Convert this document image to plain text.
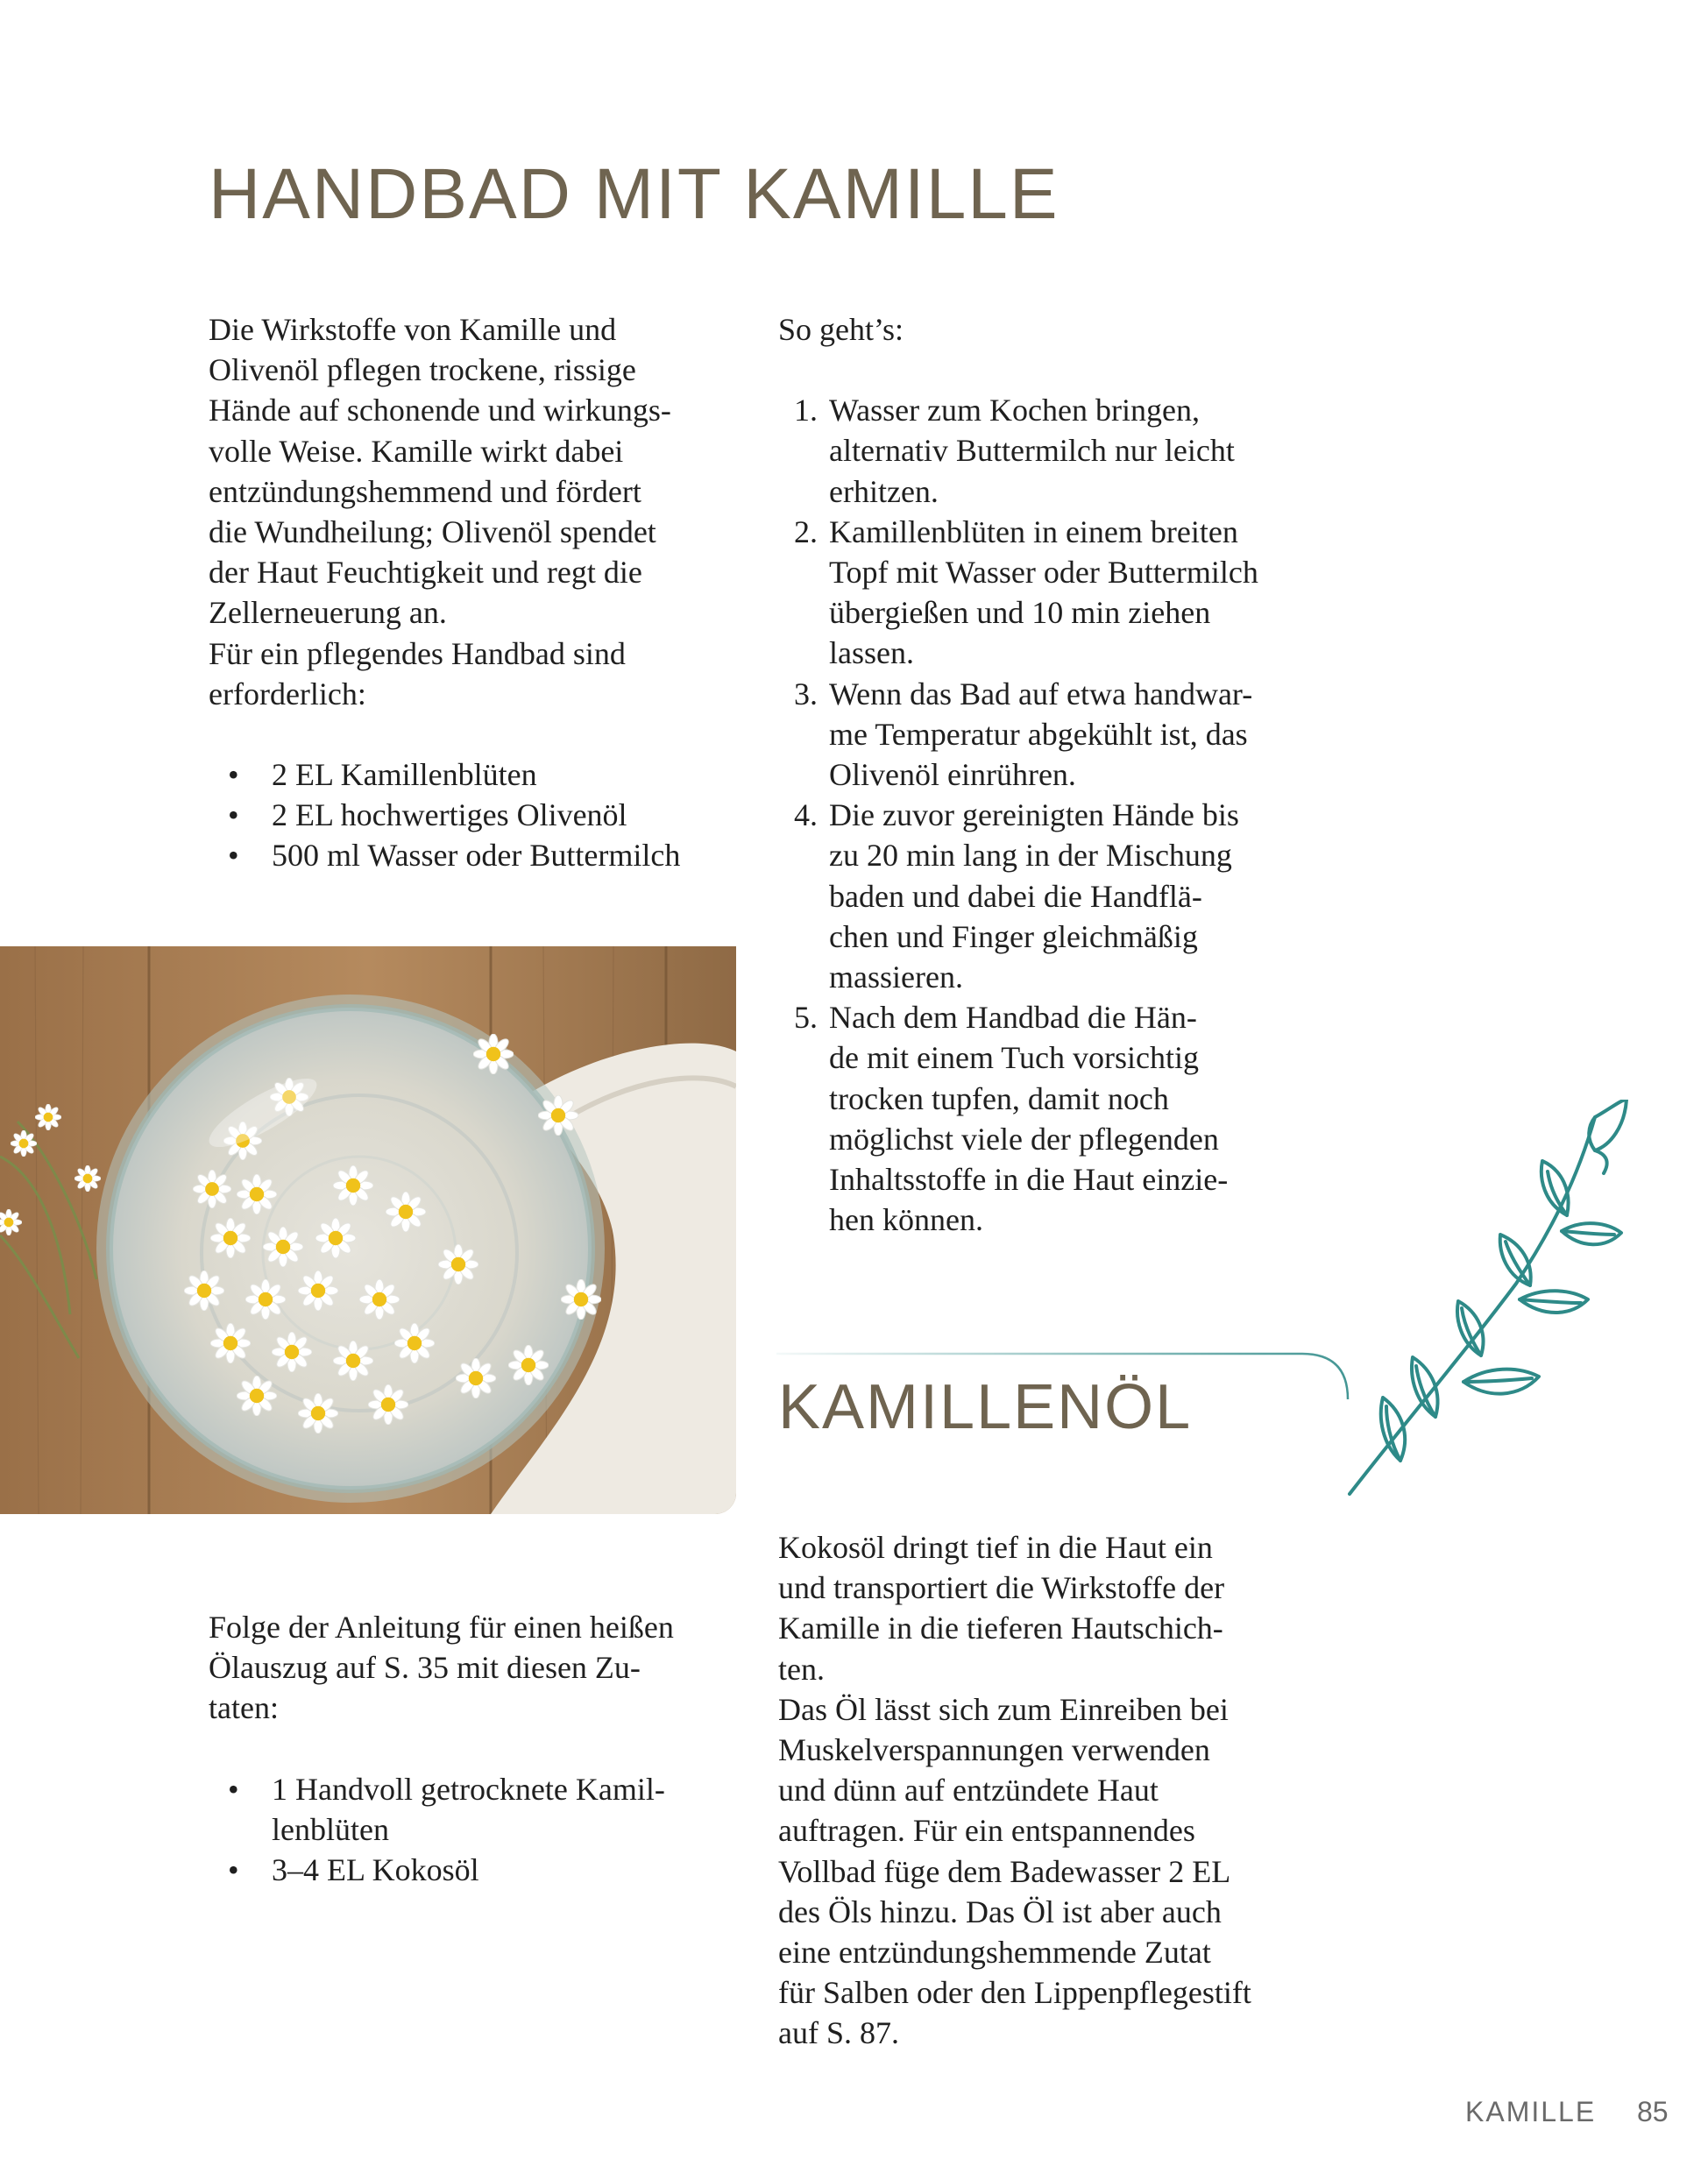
HANDBAD MIT KAMILLE

Die Wirkstoffe von Kamille und
Olivenöl pflegen trockene, rissige
Hände auf schonende und wirkungs-
volle Weise. Kamille wirkt dabei
entzündungshemmend und fördert
die Wundheilung; Olivenöl spendet
der Haut Feuchtigkeit und regt die
Zellerneuerung an.
Für ein pflegendes Handbad sind
erforderlich:

• 2 EL Kamillenblüten
• 2 EL hochwertiges Olivenöl
• 500 ml Wasser oder Buttermilch

So geht’s:

1. Wasser zum Kochen bringen,
alternativ Buttermilch nur leicht
erhitzen.
2. Kamillenblüten in einem breiten
Topf mit Wasser oder Buttermilch
übergießen und 10 min ziehen
lassen.
3. Wenn das Bad auf etwa handwar-
me Temperatur abgekühlt ist, das
Olivenöl einrühren.
4. Die zuvor gereinigten Hände bis
zu 20 min lang in der Mischung
baden und dabei die Handflä-
chen und Finger gleichmäßig
massieren.
5. Nach dem Handbad die Hän-
de mit einem Tuch vorsichtig
trocken tupfen, damit noch
möglichst viele der pflegenden
Inhaltsstoffe in die Haut einzie-
hen können.
KAMILLENÖL

Folge der Anleitung für einen heißen
Ölauszug auf S. 35 mit diesen Zu-
taten:

• 1 Handvoll getrocknete Kamil-
lenblüten
• 3–4 EL Kokosöl

Kokosöl dringt tief in die Haut ein
und transportiert die Wirkstoffe der
Kamille in die tieferen Hautschich-
ten.
Das Öl lässt sich zum Einreiben bei
Muskelverspannungen verwenden
und dünn auf entzündete Haut
auftragen. Für ein entspannendes
Vollbad füge dem Badewasser 2 EL
des Öls hinzu. Das Öl ist aber auch
eine entzündungshemmende Zutat
für Salben oder den Lippenpflegestift
auf S. 87.

KAMILLE 85
